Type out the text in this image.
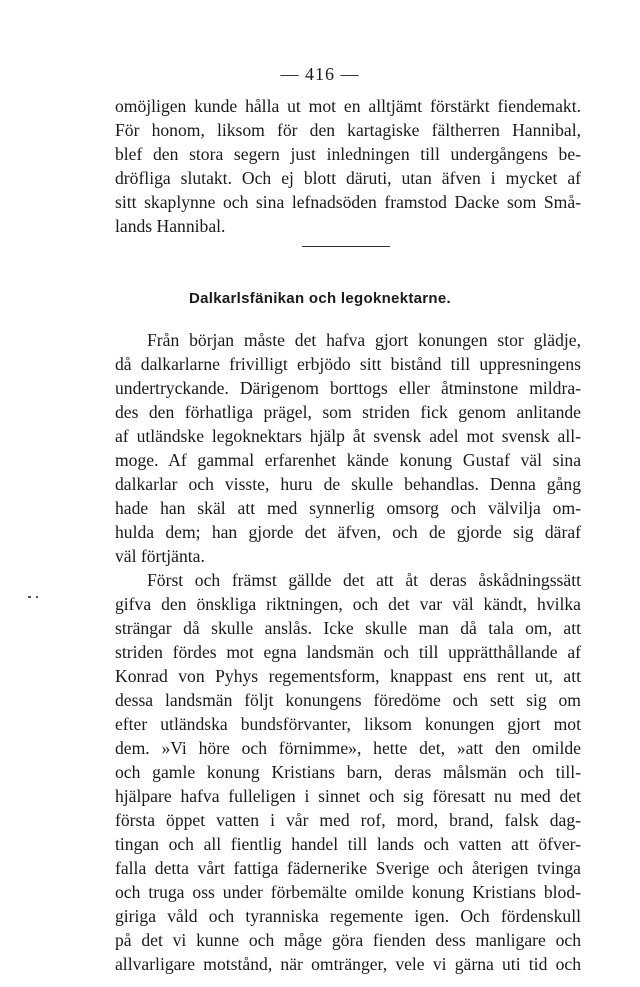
— 416 —
omöjligen kunde hålla ut mot en alltjämt förstärkt fiendemakt.
För honom, liksom för den kartagiske fältherren Hannibal,
blef den stora segern just inledningen till undergångens be-
dröfliga slutakt. Och ej blott däruti, utan äfven i mycket af
sitt skaplynne och sina lefnadsöden framstod Dacke som Små-
lands Hannibal.
Dalkarlsfänikan och legoknektarne.
Från början måste det hafva gjort konungen stor glädje,
då dalkarlarne frivilligt erbjödo sitt bistånd till uppresningens
undertryckande. Därigenom borttogs eller åtminstone mildra-
des den förhatliga prägel, som striden fick genom anlitande
af utländske legoknektars hjälp åt svensk adel mot svensk all-
moge. Af gammal erfarenhet kände konung Gustaf väl sina
dalkarlar och visste, huru de skulle behandlas. Denna gång
hade han skäl att med synnerlig omsorg och välvilja om-
hulda dem; han gjorde det äfven, och de gjorde sig däraf
väl förtjänta.
Först och främst gällde det att åt deras åskådningssätt
gifva den önskliga riktningen, och det var väl kändt, hvilka
strängar då skulle anslås. Icke skulle man då tala om, att
striden fördes mot egna landsmän och till upprätthållande af
Konrad von Pyhys regementsform, knappast ens rent ut, att
dessa landsmän följt konungens föredöme och sett sig om
efter utländska bundsförvanter, liksom konungen gjort mot
dem. »Vi höre och förnimme», hette det, »att den omilde
och gamle konung Kristians barn, deras målsmän och till-
hjälpare hafva fulleligen i sinnet och sig föresatt nu med det
första öppet vatten i vår med rof, mord, brand, falsk dag-
tingan och all fientlig handel till lands och vatten att öfver-
falla detta vårt fattiga fädernerike Sverige och återigen tvinga
och truga oss under förbemälte omilde konung Kristians blod-
giriga våld och tyranniska regemente igen. Och fördenskull
på det vi kunne och måge göra fienden dess manligare och
allvarligare motstånd, när omtränger, vele vi gärna uti tid och
